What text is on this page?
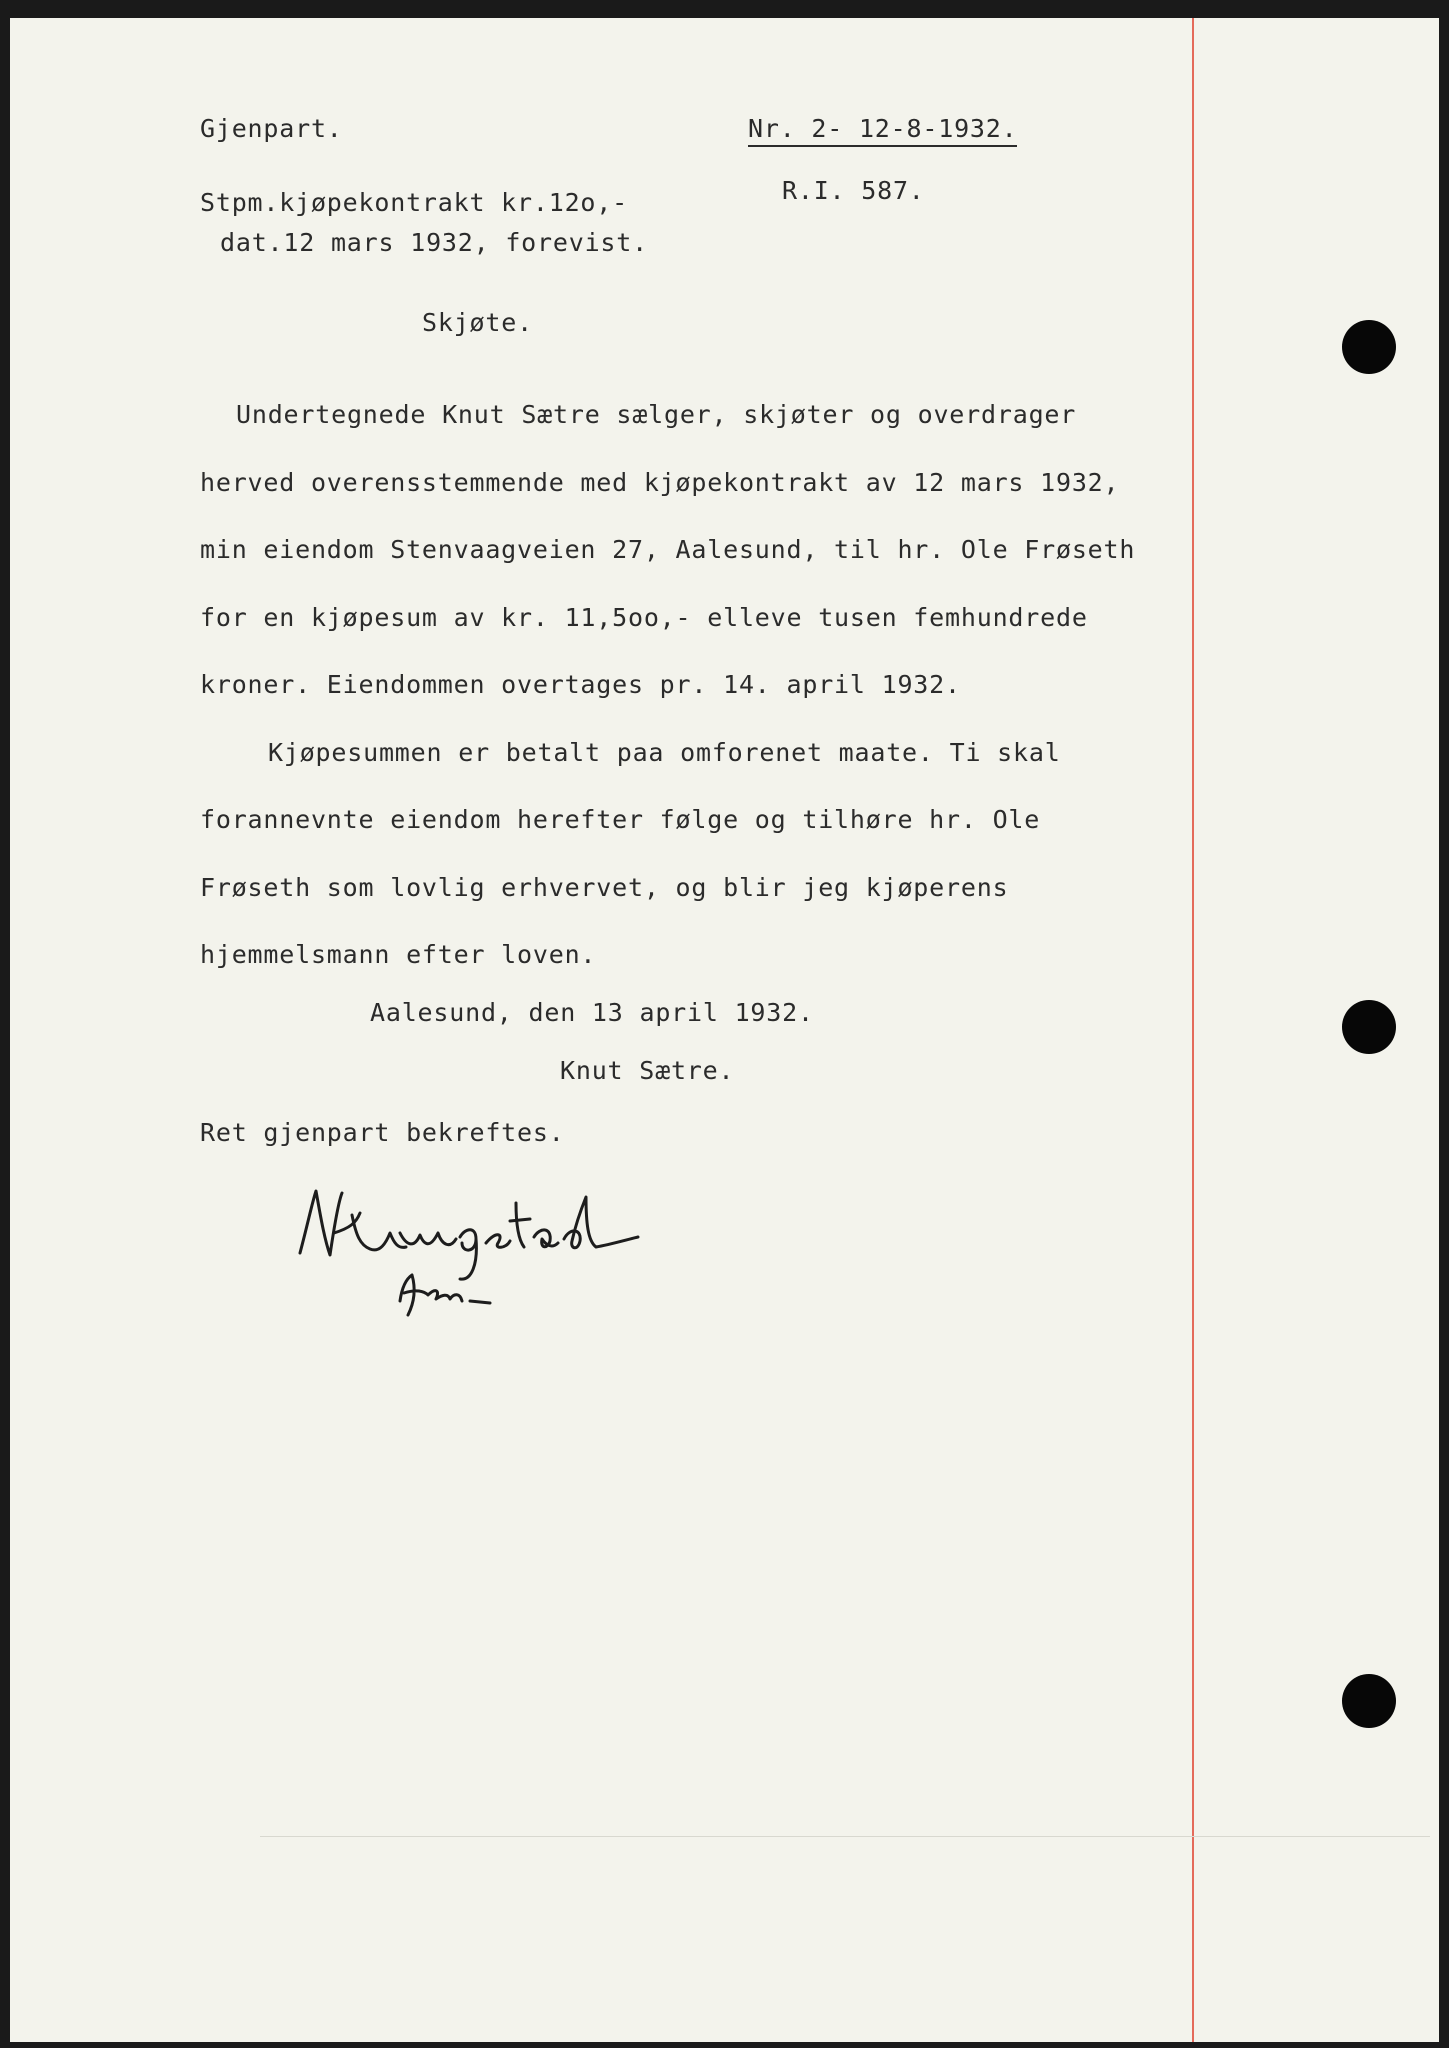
Gjenpart.	Nr. 2- 12-8-1932.
R.I. 587.
Stpm.kjøpekontrakt kr.12o,-
dat.12 mars 1932, forevist.
Skjøte.
Undertegnede Knut Sætre sælger, skjøter og overdrager
herved overensstemmende med kjøpekontrakt av 12 mars 1932,
min eiendom Stenvaagveien 27, Aalesund, til hr. Ole Frøseth
for en kjøpesum av kr. 11,5oo,- elleve tusen femhundrede
kroner. Eiendommen overtages pr. 14. april 1932.
Kjøpesummen er betalt paa omforenet maate. Ti skal
forannevnte eiendom herefter følge og tilhøre hr. Ole
Frøseth som lovlig erhvervet, og blir jeg kjøperens
hjemmelsmann efter loven.
Aalesund, den 13 april 1932.
Knut Sætre.
Ret gjenpart bekreftes.
